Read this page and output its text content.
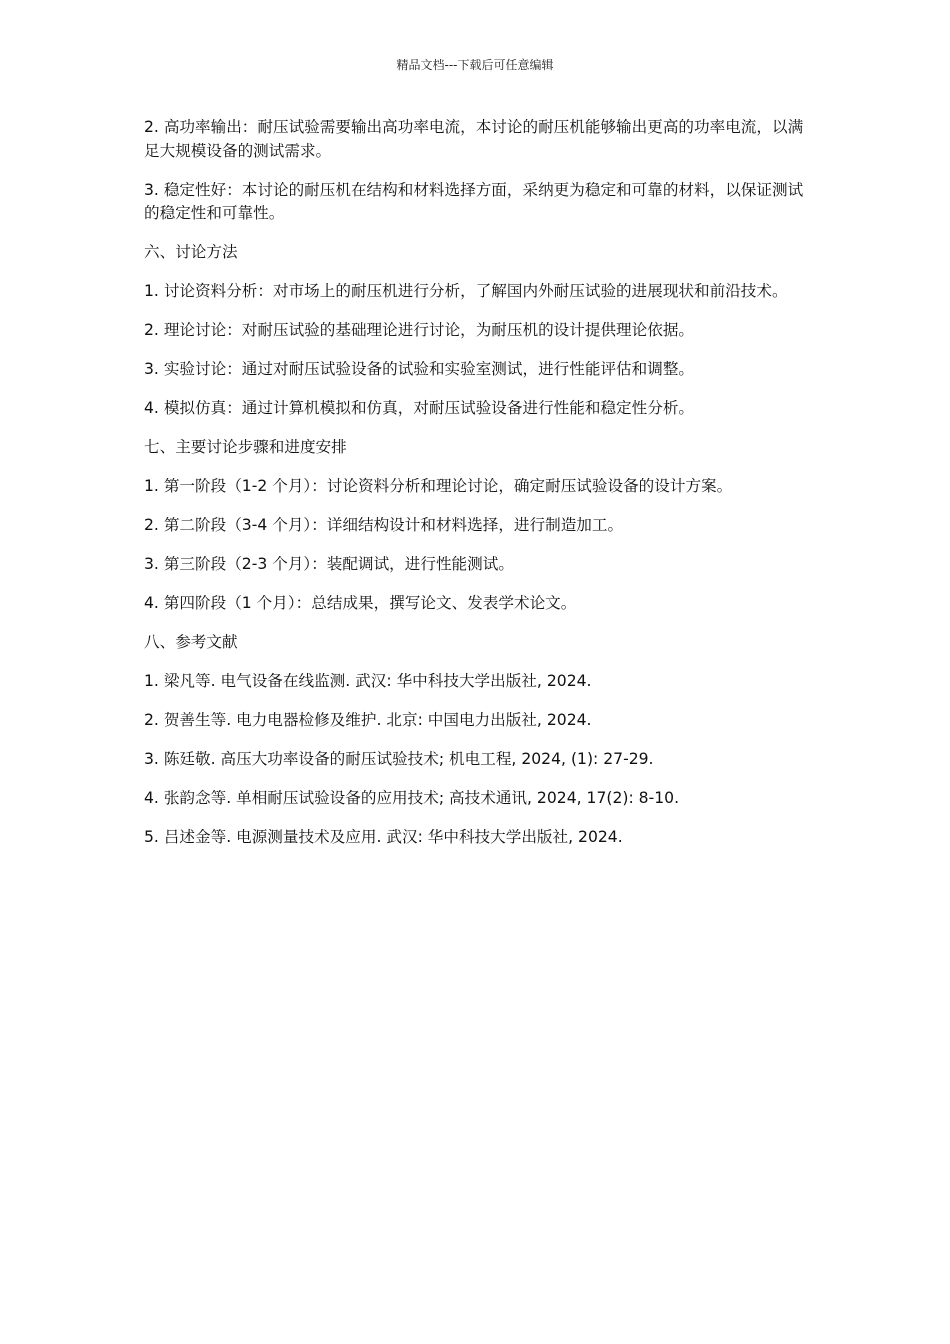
精品文档---下载后可任意编辑

2. 高功率输出：耐压试验需要输出高功率电流，本讨论的耐压机能够输出更高的功率电流，以满足大规模设备的测试需求。

3. 稳定性好：本讨论的耐压机在结构和材料选择方面，采纳更为稳定和可靠的材料，以保证测试的稳定性和可靠性。

六、讨论方法

1. 讨论资料分析：对市场上的耐压机进行分析，了解国内外耐压试验的进展现状和前沿技术。

2. 理论讨论：对耐压试验的基础理论进行讨论，为耐压机的设计提供理论依据。

3. 实验讨论：通过对耐压试验设备的试验和实验室测试，进行性能评估和调整。

4. 模拟仿真：通过计算机模拟和仿真，对耐压试验设备进行性能和稳定性分析。

七、主要讨论步骤和进度安排

1. 第一阶段（1-2 个月）：讨论资料分析和理论讨论，确定耐压试验设备的设计方案。

2. 第二阶段（3-4 个月）：详细结构设计和材料选择，进行制造加工。

3. 第三阶段（2-3 个月）：装配调试，进行性能测试。

4. 第四阶段（1 个月）：总结成果，撰写论文、发表学术论文。

八、参考文献

1. 梁凡等. 电气设备在线监测. 武汉: 华中科技大学出版社, 2024.

2. 贺善生等. 电力电器检修及维护. 北京: 中国电力出版社, 2024.

3. 陈廷敬. 高压大功率设备的耐压试验技术; 机电工程, 2024, (1): 27-29.

4. 张韵念等. 单相耐压试验设备的应用技术; 高技术通讯, 2024, 17(2): 8-10.

5. 吕述金等. 电源测量技术及应用. 武汉: 华中科技大学出版社, 2024.
